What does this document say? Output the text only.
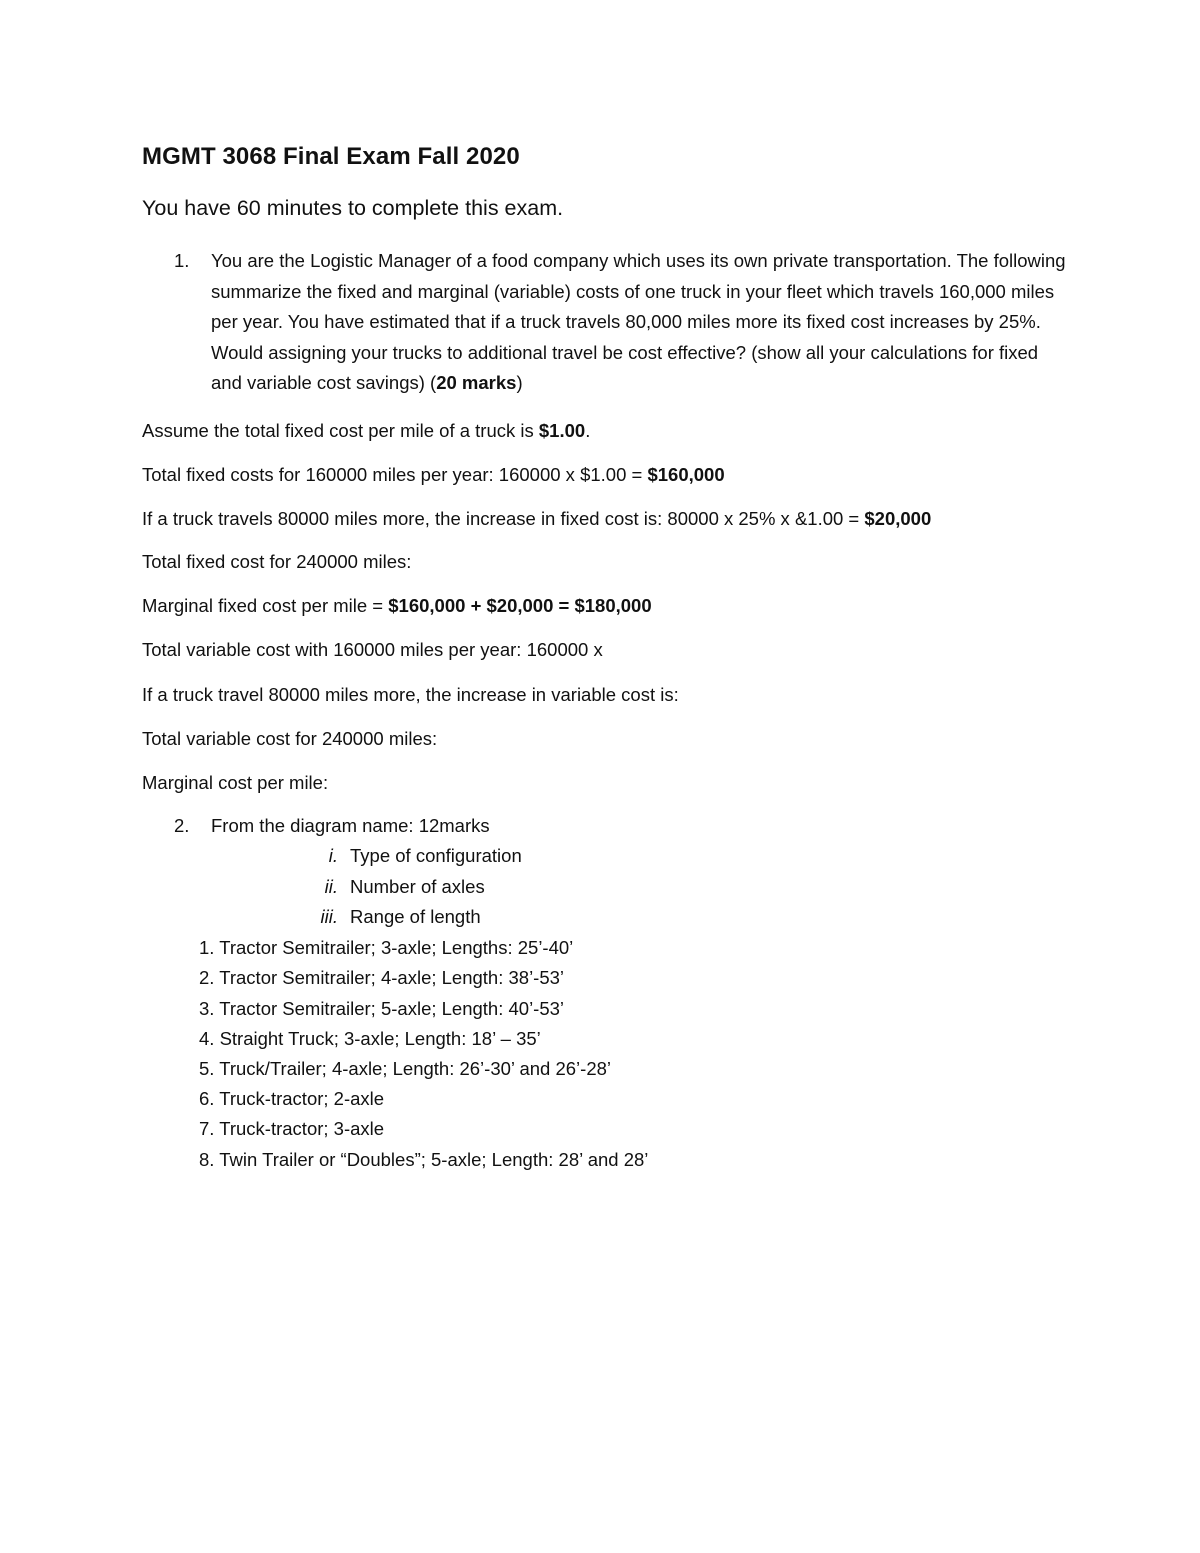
MGMT 3068 Final Exam Fall 2020

You have 60 minutes to complete this exam.

1. You are the Logistic Manager of a food company which uses its own private transportation. The following summarize the fixed and marginal (variable) costs of one truck in your fleet which travels 160,000 miles per year. You have estimated that if a truck travels 80,000 miles more its fixed cost increases by 25%. Would assigning your trucks to additional travel be cost effective? (show all your calculations for fixed and variable cost savings) (20 marks)

Assume the total fixed cost per mile of a truck is $1.00.

Total fixed costs for 160000 miles per year: 160000 x $1.00 = $160,000

If a truck travels 80000 miles more, the increase in fixed cost is: 80000 x 25% x &1.00 = $20,000

Total fixed cost for 240000 miles:

Marginal fixed cost per mile = $160,000 + $20,000 = $180,000

Total variable cost with 160000 miles per year: 160000 x

If a truck travel 80000 miles more, the increase in variable cost is:

Total variable cost for 240000 miles:

Marginal cost per mile:

2. From the diagram name: 12marks
i. Type of configuration
ii. Number of axles
iii. Range of length
1. Tractor Semitrailer; 3-axle; Lengths: 25’-40’
2. Tractor Semitrailer; 4-axle; Length: 38’-53’
3. Tractor Semitrailer; 5-axle; Length: 40’-53’
4. Straight Truck; 3-axle; Length: 18’ – 35’
5. Truck/Trailer; 4-axle; Length: 26’-30’ and 26’-28’
6. Truck-tractor; 2-axle
7. Truck-tractor; 3-axle
8. Twin Trailer or “Doubles”; 5-axle; Length: 28’ and 28’
